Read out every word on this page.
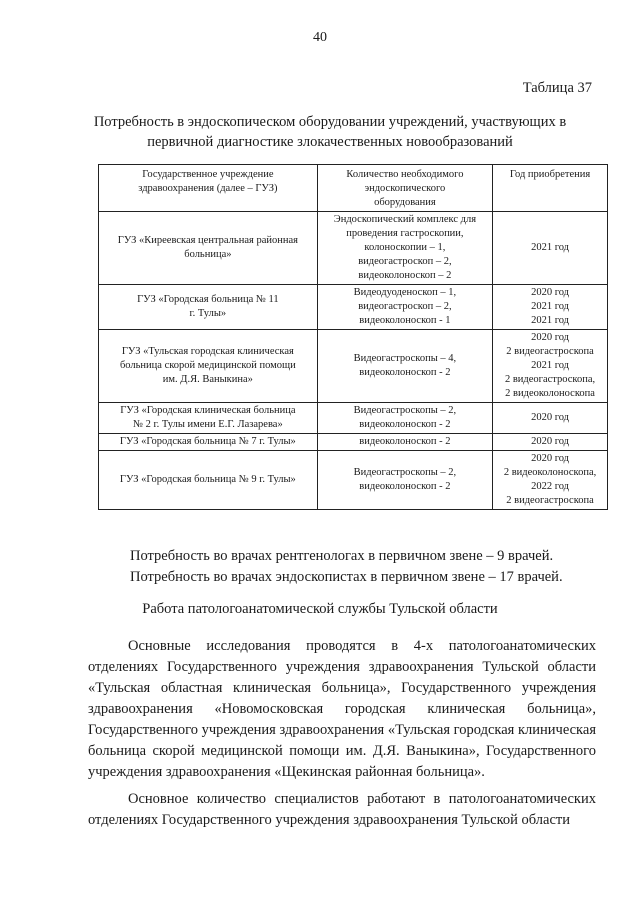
40
Таблица 37
Потребность в эндоскопическом оборудовании учреждений, участвующих в первичной диагностике злокачественных новообразований
Государственное учреждение
здравоохранения (далее – ГУЗ)	Количество необходимого
эндоскопического
оборудования	Год приобретения
ГУЗ «Киреевская центральная районная
больница»	Эндоскопический комплекс для
проведения гастроскопии,
колоноскопии – 1,
видеогастроскоп – 2,
видеоколоноскоп – 2	2021 год
ГУЗ «Городская больница № 11
г. Тулы»	Видеодуоденоскоп – 1,
видеогастроскоп – 2,
видеоколоноскоп - 1	2020 год
2021 год
2021 год
ГУЗ «Тульская городская клиническая
больница скорой медицинской помощи
им. Д.Я. Ваныкина»	Видеогастроскопы – 4,
видеоколоноскоп - 2	2020 год
2 видеогастроскопа
2021 год
2 видеогастроскопа,
2 видеоколоноскопа
ГУЗ «Городская клиническая больница
№ 2 г. Тулы имени Е.Г. Лазарева»	Видеогастроскопы – 2,
видеоколоноскоп - 2	2020 год
ГУЗ «Городская больница № 7 г. Тулы»	видеоколоноскоп - 2	2020 год
ГУЗ «Городская больница № 9 г. Тулы»	Видеогастроскопы – 2,
видеоколоноскоп - 2	2020 год
2 видеоколоноскопа,
2022 год
2 видеогастроскопа
Потребность во врачах рентгенологах в первичном звене – 9 врачей.
Потребность во врачах эндоскопистах в первичном звене – 17 врачей.
Работа патологоанатомической службы Тульской области

Основные исследования проводятся в 4-х патологоанатомических отделениях Государственного учреждения здравоохранения Тульской области «Тульская областная клиническая больница», Государственного учреждения здравоохранения «Новомосковская городская клиническая больница», Государственного учреждения здравоохранения «Тульская городская клиническая больница скорой медицинской помощи им. Д.Я. Ваныкина», Государственного учреждения здравоохранения «Щекинская районная больница».

Основное количество специалистов работают в патологоанатомических отделениях Государственного учреждения здравоохранения Тульской области
